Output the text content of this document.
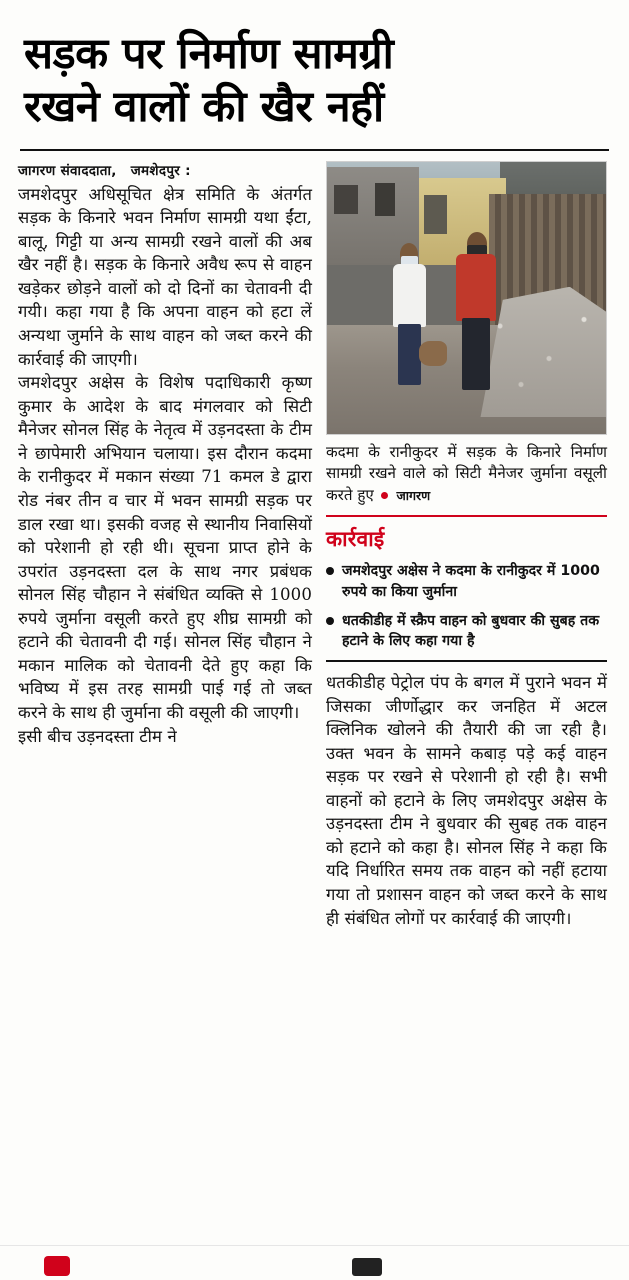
सड़क पर निर्माण सामग्री
रखने वालों की खैर नहीं
जागरण संवाददाता, जमशेदपुर :

जमशेदपुर अधिसूचित क्षेत्र समिति के अंतर्गत सड़क के किनारे भवन निर्माण सामग्री यथा ईंटा, बालू, गिट्टी या अन्य सामग्री रखने वालों की अब खैर नहीं है। सड़क के किनारे अवैध रूप से वाहन खड़ेकर छोड़ने वालों को दो दिनों का चेतावनी दी गयी। कहा गया है कि अपना वाहन को हटा लें अन्यथा जुर्माने के साथ वाहन को जब्त करने की कार्रवाई की जाएगी।

जमशेदपुर अक्षेस के विशेष पदाधिकारी कृष्ण कुमार के आदेश के बाद मंगलवार को सिटी मैनेजर सोनल सिंह के नेतृत्व में उड़नदस्ता के टीम ने छापेमारी अभियान चलाया। इस दौरान कदमा के रानीकुदर में मकान संख्या 71 कमल डे द्वारा रोड नंबर तीन व चार में भवन सामग्री सड़क पर डाल रखा था। इसकी वजह से स्थानीय निवासियों को परेशानी हो रही थी। सूचना प्राप्त होने के उपरांत उड़नदस्ता दल के साथ नगर प्रबंधक सोनल सिंह चौहान ने संबंधित व्यक्ति से 1000 रुपये जुर्माना वसूली करते हुए शीघ्र सामग्री को हटाने की चेतावनी दी गई। सोनल सिंह चौहान ने मकान मालिक को चेतावनी देते हुए कहा कि भविष्य में इस तरह सामग्री पाई गई तो जब्त करने के साथ ही जुर्माना की वसूली की जाएगी।

इसी बीच उड़नदस्ता टीम ने

कदमा के रानीकुदर में सड़क के किनारे निर्माण सामग्री रखने वाले को सिटी मैनेजर जुर्माना वसूली करते हुए जागरण

कार्रवाई
जमशेदपुर अक्षेस ने कदमा के रानीकुदर में 1000 रुपये का किया जुर्माना
धतकीडीह में स्क्रैप वाहन को बुधवार की सुबह तक हटाने के लिए कहा गया है

धतकीडीह पेट्रोल पंप के बगल में पुराने भवन में जिसका जीर्णोद्धार कर जनहित में अटल क्लिनिक खोलने की तैयारी की जा रही है। उक्त भवन के सामने कबाड़ पड़े कई वाहन सड़क पर रखने से परेशानी हो रही है। सभी वाहनों को हटाने के लिए जमशेदपुर अक्षेस के उड़नदस्ता टीम ने बुधवार की सुबह तक वाहन को हटाने को कहा है। सोनल सिंह ने कहा कि यदि निर्धारित समय तक वाहन को नहीं हटाया गया तो प्रशासन वाहन को जब्त करने के साथ ही संबंधित लोगों पर कार्रवाई की जाएगी।
